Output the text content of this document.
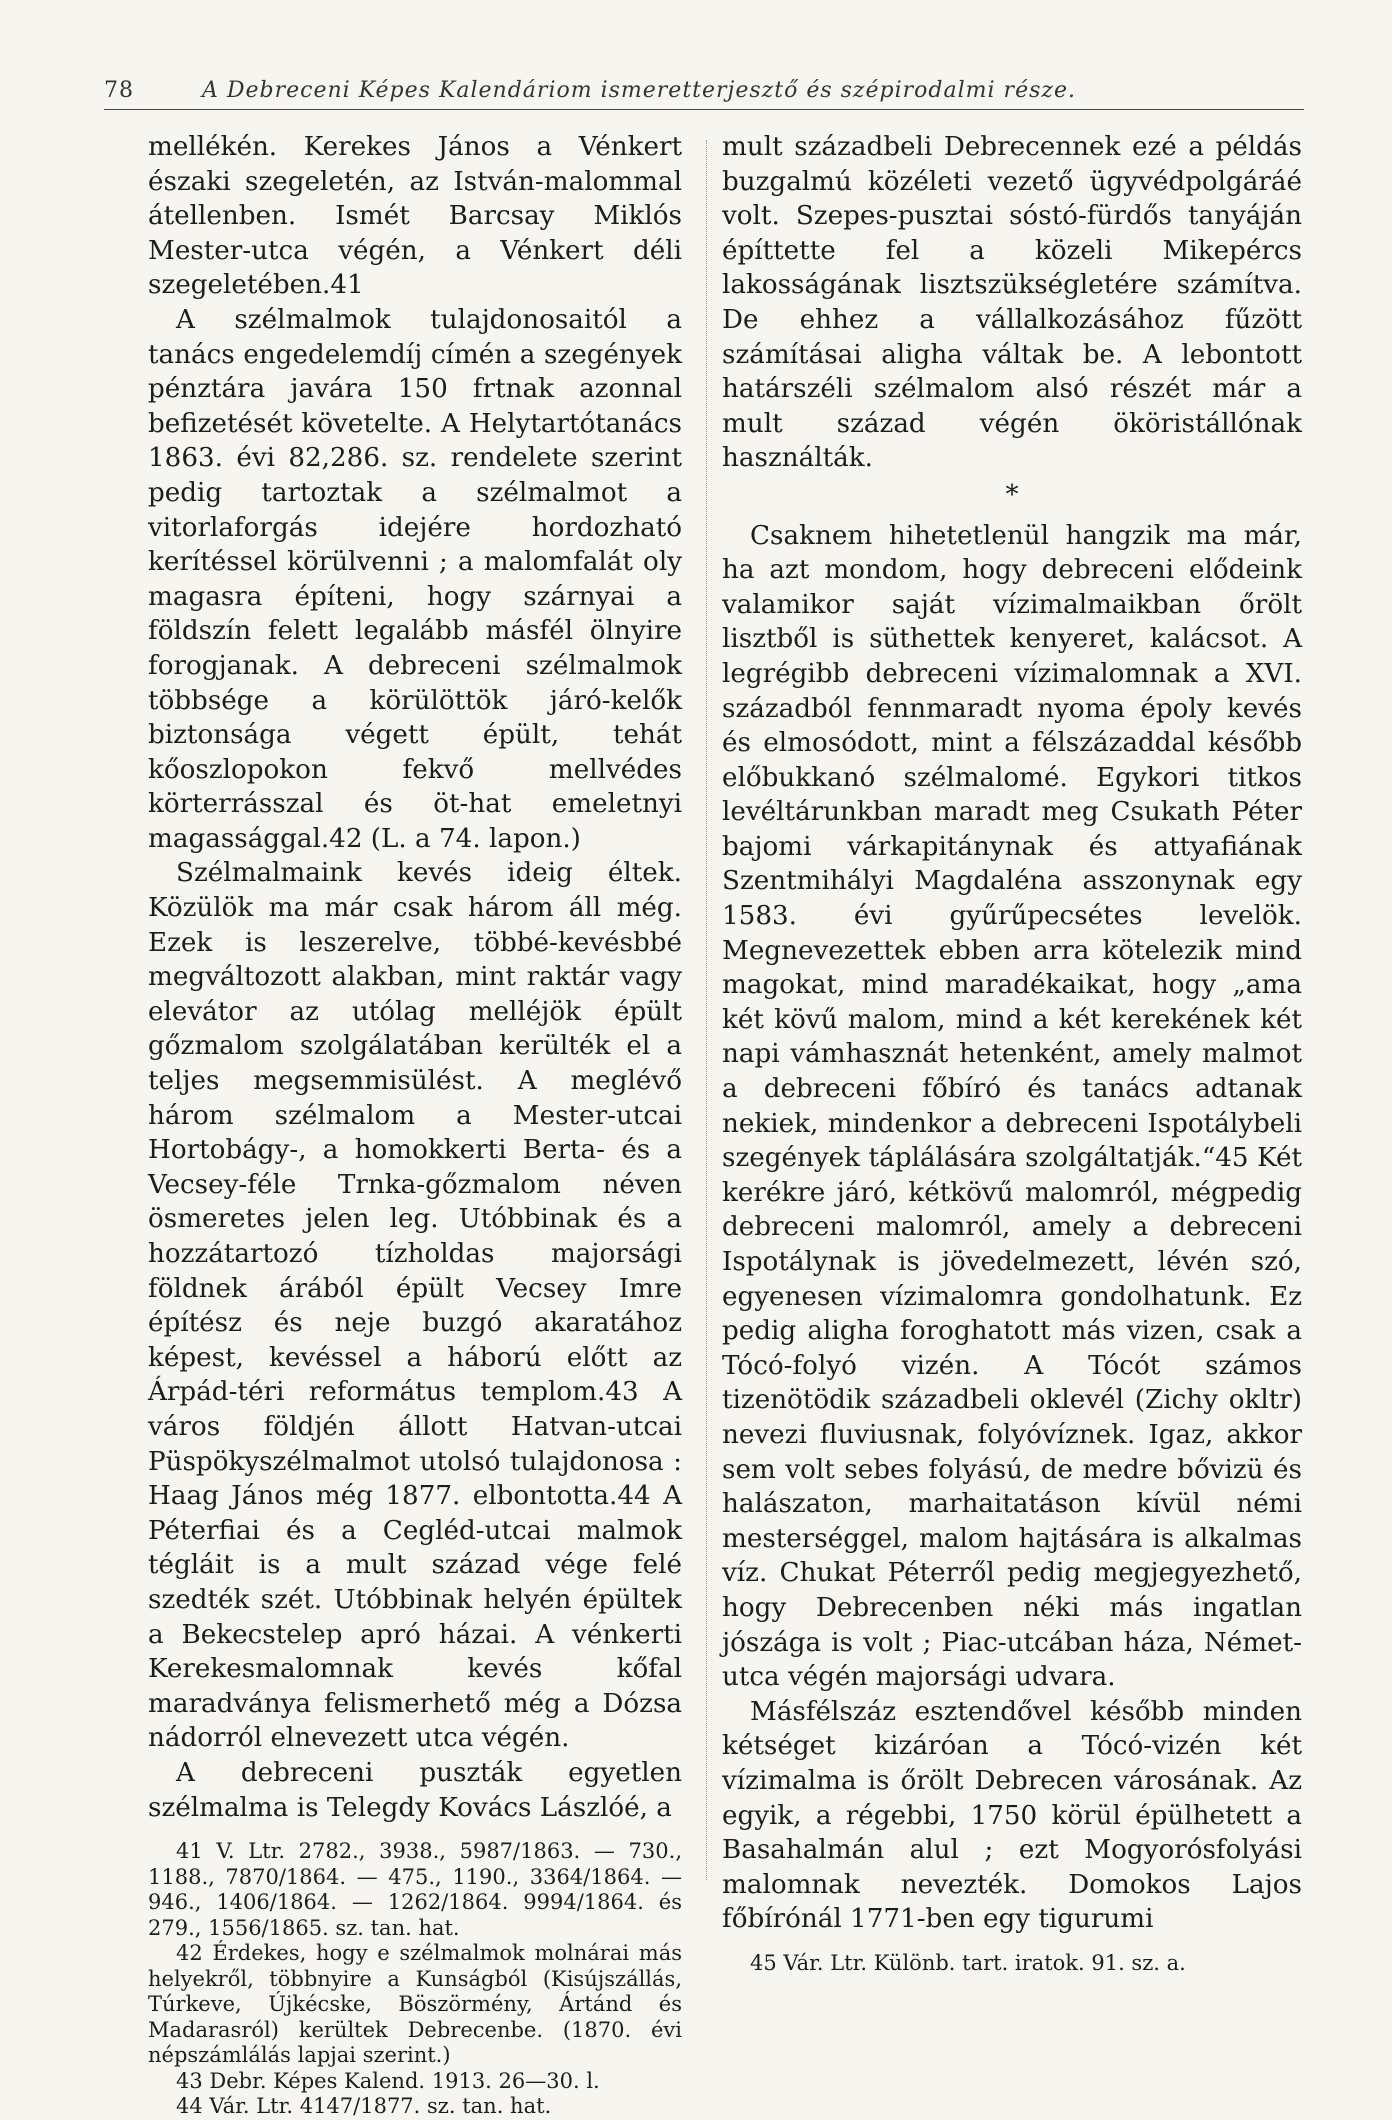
78	A Debreceni Képes Kalendáriom ismeretterjesztő és szépirodalmi része.

mellékén. Kerekes János a Vénkert északi szegeletén, az István-malommal átellenben. Ismét Barcsay Miklós Mester-utca végén, a Vénkert déli szegeletében.41

A szélmalmok tulajdonosaitól a tanács engedelemdíj címén a szegények pénztára javára 150 frtnak azonnal befizetését követelte. A Helytartótanács 1863. évi 82,286. sz. rendelete szerint pedig tartoztak a szélmalmot a vitorlaforgás idejére hordozható kerítéssel körülvenni ; a malomfalát oly magasra építeni, hogy szárnyai a földszín felett legalább másfél ölnyire forogjanak. A debreceni szélmalmok többsége a körülöttök járó-kelők biztonsága végett épült, tehát kőoszlopokon fekvő mellvédes körterrásszal és öt-hat emeletnyi magassággal.42 (L. a 74. lapon.)

Szélmalmaink kevés ideig éltek. Közülök ma már csak három áll még. Ezek is leszerelve, többé-kevésbbé megváltozott alakban, mint raktár vagy elevátor az utólag melléjök épült gőzmalom szolgálatában kerülték el a teljes megsemmisülést. A meglévő három szélmalom a Mester-utcai Hortobágy-, a homokkerti Berta- és a Vecsey-féle Trnka-gőzmalom néven ösmeretes jelen leg. Utóbbinak és a hozzátartozó tízholdas majorsági földnek árából épült Vecsey Imre építész és neje buzgó akaratához képest, kevéssel a háború előtt az Árpád-téri református templom.43 A város földjén állott Hatvan-utcai Püspökyszélmalmot utolsó tulajdonosa : Haag János még 1877. elbontotta.44 A Péterfiai és a Cegléd-utcai malmok tégláit is a mult század vége felé szedték szét. Utóbbinak helyén épültek a Bekecstelep apró házai. A vénkerti Kerekesmalomnak kevés kőfal maradványa felismerhető még a Dózsa nádorról elnevezett utca végén.

A debreceni puszták egyetlen szélmalma is Telegdy Kovács Lászlóé, a

41 V. Ltr. 2782., 3938., 5987/1863. — 730., 1188., 7870/1864. — 475., 1190., 3364/1864. — 946., 1406/1864. — 1262/1864. 9994/1864. és 279., 1556/1865. sz. tan. hat.

42 Érdekes, hogy e szélmalmok molnárai más helyekről, többnyire a Kunságból (Kisújszállás, Túrkeve, Újkécske, Böszörmény, Ártánd és Madarasról) kerültek Debrecenbe. (1870. évi népszámlálás lapjai szerint.)

43 Debr. Képes Kalend. 1913. 26—30. l.

44 Vár. Ltr. 4147/1877. sz. tan. hat.

mult századbeli Debrecennek ezé a példás buzgalmú közéleti vezető ügyvédpolgáráé volt. Szepes-pusztai sóstó-fürdős tanyáján építtette fel a közeli Mikepércs lakosságának lisztszükségletére számítva. De ehhez a vállalkozásához fűzött számításai aligha váltak be. A lebontott határszéli szélmalom alsó részét már a mult század végén ököristállónak használták.

*

Csaknem hihetetlenül hangzik ma már, ha azt mondom, hogy debreceni elődeink valamikor saját vízimalmaikban őrölt lisztből is süthettek kenyeret, kalácsot. A legrégibb debreceni vízimalomnak a XVI. századból fennmaradt nyoma époly kevés és elmosódott, mint a félszázaddal később előbukkanó szélmalomé. Egykori titkos levéltárunkban maradt meg Csukath Péter bajomi várkapitánynak és attyafiának Szentmihályi Magdaléna asszonynak egy 1583. évi gyűrűpecsétes levelök. Megnevezettek ebben arra kötelezik mind magokat, mind maradékaikat, hogy „ama két kövű malom, mind a két kerekének két napi vámhasznát hetenként, amely malmot a debreceni főbíró és tanács adtanak nekiek, mindenkor a debreceni Ispotálybeli szegények táplálására szolgáltatják.“45 Két kerékre járó, kétkövű malomról, mégpedig debreceni malomról, amely a debreceni Ispotálynak is jövedelmezett, lévén szó, egyenesen vízimalomra gondolhatunk. Ez pedig aligha foroghatott más vizen, csak a Tócó-folyó vizén. A Tócót számos tizenötödik századbeli oklevél (Zichy okltr) nevezi fluviusnak, folyóvíznek. Igaz, akkor sem volt sebes folyású, de medre bővizü és halászaton, marhaitatáson kívül némi mesterséggel, malom hajtására is alkalmas víz. Chukat Péterről pedig megjegyezhető, hogy Debrecenben néki más ingatlan jószága is volt ; Piac-utcában háza, Német-utca végén majorsági udvara.

Másfélszáz esztendővel később minden kétséget kizáróan a Tócó-vizén két vízimalma is őrölt Debrecen városának. Az egyik, a régebbi, 1750 körül épülhetett a Basahalmán alul ; ezt Mogyorósfolyási malomnak nevezték. Domokos Lajos főbírónál 1771-ben egy tigurumi

45 Vár. Ltr. Különb. tart. iratok. 91. sz. a.
